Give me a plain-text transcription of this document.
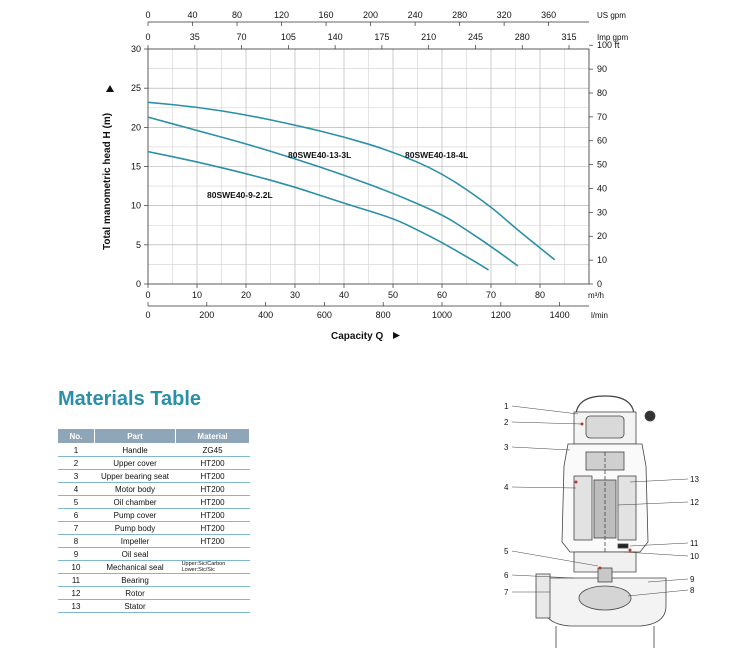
0	10	20	30	40	50	60	70	80
0
5
10
15
20
25
30
0
10
20
30
40
50
60
70
80
90
100 ft
0	200	400	600	800	1000	1200	1400
0	40	80	120	160	200	240	280	320	360
0	35	70	105	140	175	210	245	280	315
80SWE40-9-2.2L
80SWE40-13-3L	80SWE40-18-4L
Total manometric head H (m)
US gpm
Imp gpm
m³/h
l/min
Capacity Q
Materials Table
No.	Part	Material
1	Handle	ZG45
2	Upper cover	HT200
3	Upper bearing seat	HT200
4	Motor body	HT200
5	Oil chamber	HT200
6	Pump cover	HT200
7	Pump body	HT200
8	Impeller	HT200
9	Oil seal	
10	Mechanical seal	Upper:Sic/Carbon
Lower:Sic/Sic
11	Bearing	
12	Rotor	
13	Stator	
1
2
3
4
5
6
7
13
12
11
10
9
8
